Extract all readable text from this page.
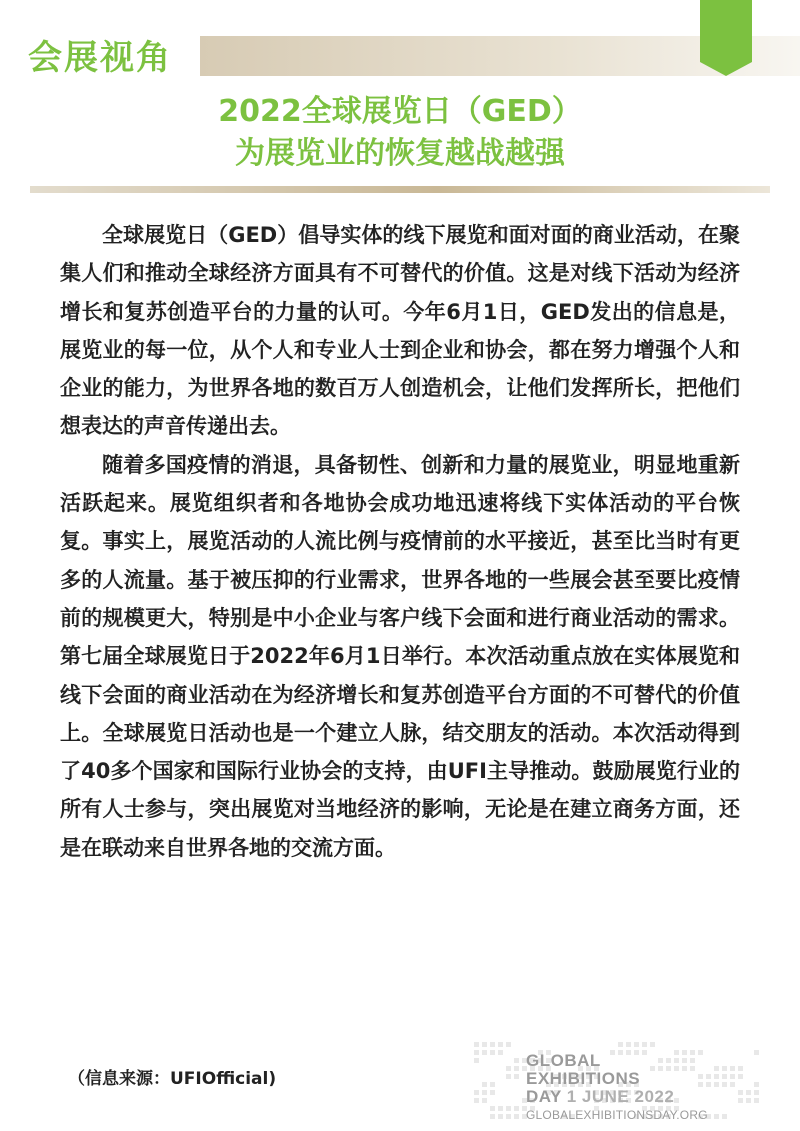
会展视角
2022全球展览日（GED）
为展览业的恢复越战越强

全球展览日（GED）倡导实体的线下展览和面对面的商业活动，在聚集人们和推动全球经济方面具有不可替代的价值。这是对线下活动为经济增长和复苏创造平台的力量的认可。今年6月1日，GED发出的信息是，展览业的每一位，从个人和专业人士到企业和协会，都在努力增强个人和企业的能力，为世界各地的数百万人创造机会，让他们发挥所长，把他们想表达的声音传递出去。

随着多国疫情的消退，具备韧性、创新和力量的展览业，明显地重新活跃起来。展览组织者和各地协会成功地迅速将线下实体活动的平台恢复。事实上，展览活动的人流比例与疫情前的水平接近，甚至比当时有更多的人流量。基于被压抑的行业需求，世界各地的一些展会甚至要比疫情前的规模更大，特别是中小企业与客户线下会面和进行商业活动的需求。第七届全球展览日于2022年6月1日举行。本次活动重点放在实体展览和线下会面的商业活动在为经济增长和复苏创造平台方面的不可替代的价值上。全球展览日活动也是一个建立人脉，结交朋友的活动。本次活动得到了40多个国家和国际行业协会的支持，由UFI主导推动。鼓励展览行业的所有人士参与，突出展览对当地经济的影响，无论是在建立商务方面，还是在联动来自世界各地的交流方面。

（信息来源：UFIOfficial)
GLOBAL
EXHIBITIONS
DAY 1 JUNE 2022
GLOBALEXHIBITIONSDAY.ORG
